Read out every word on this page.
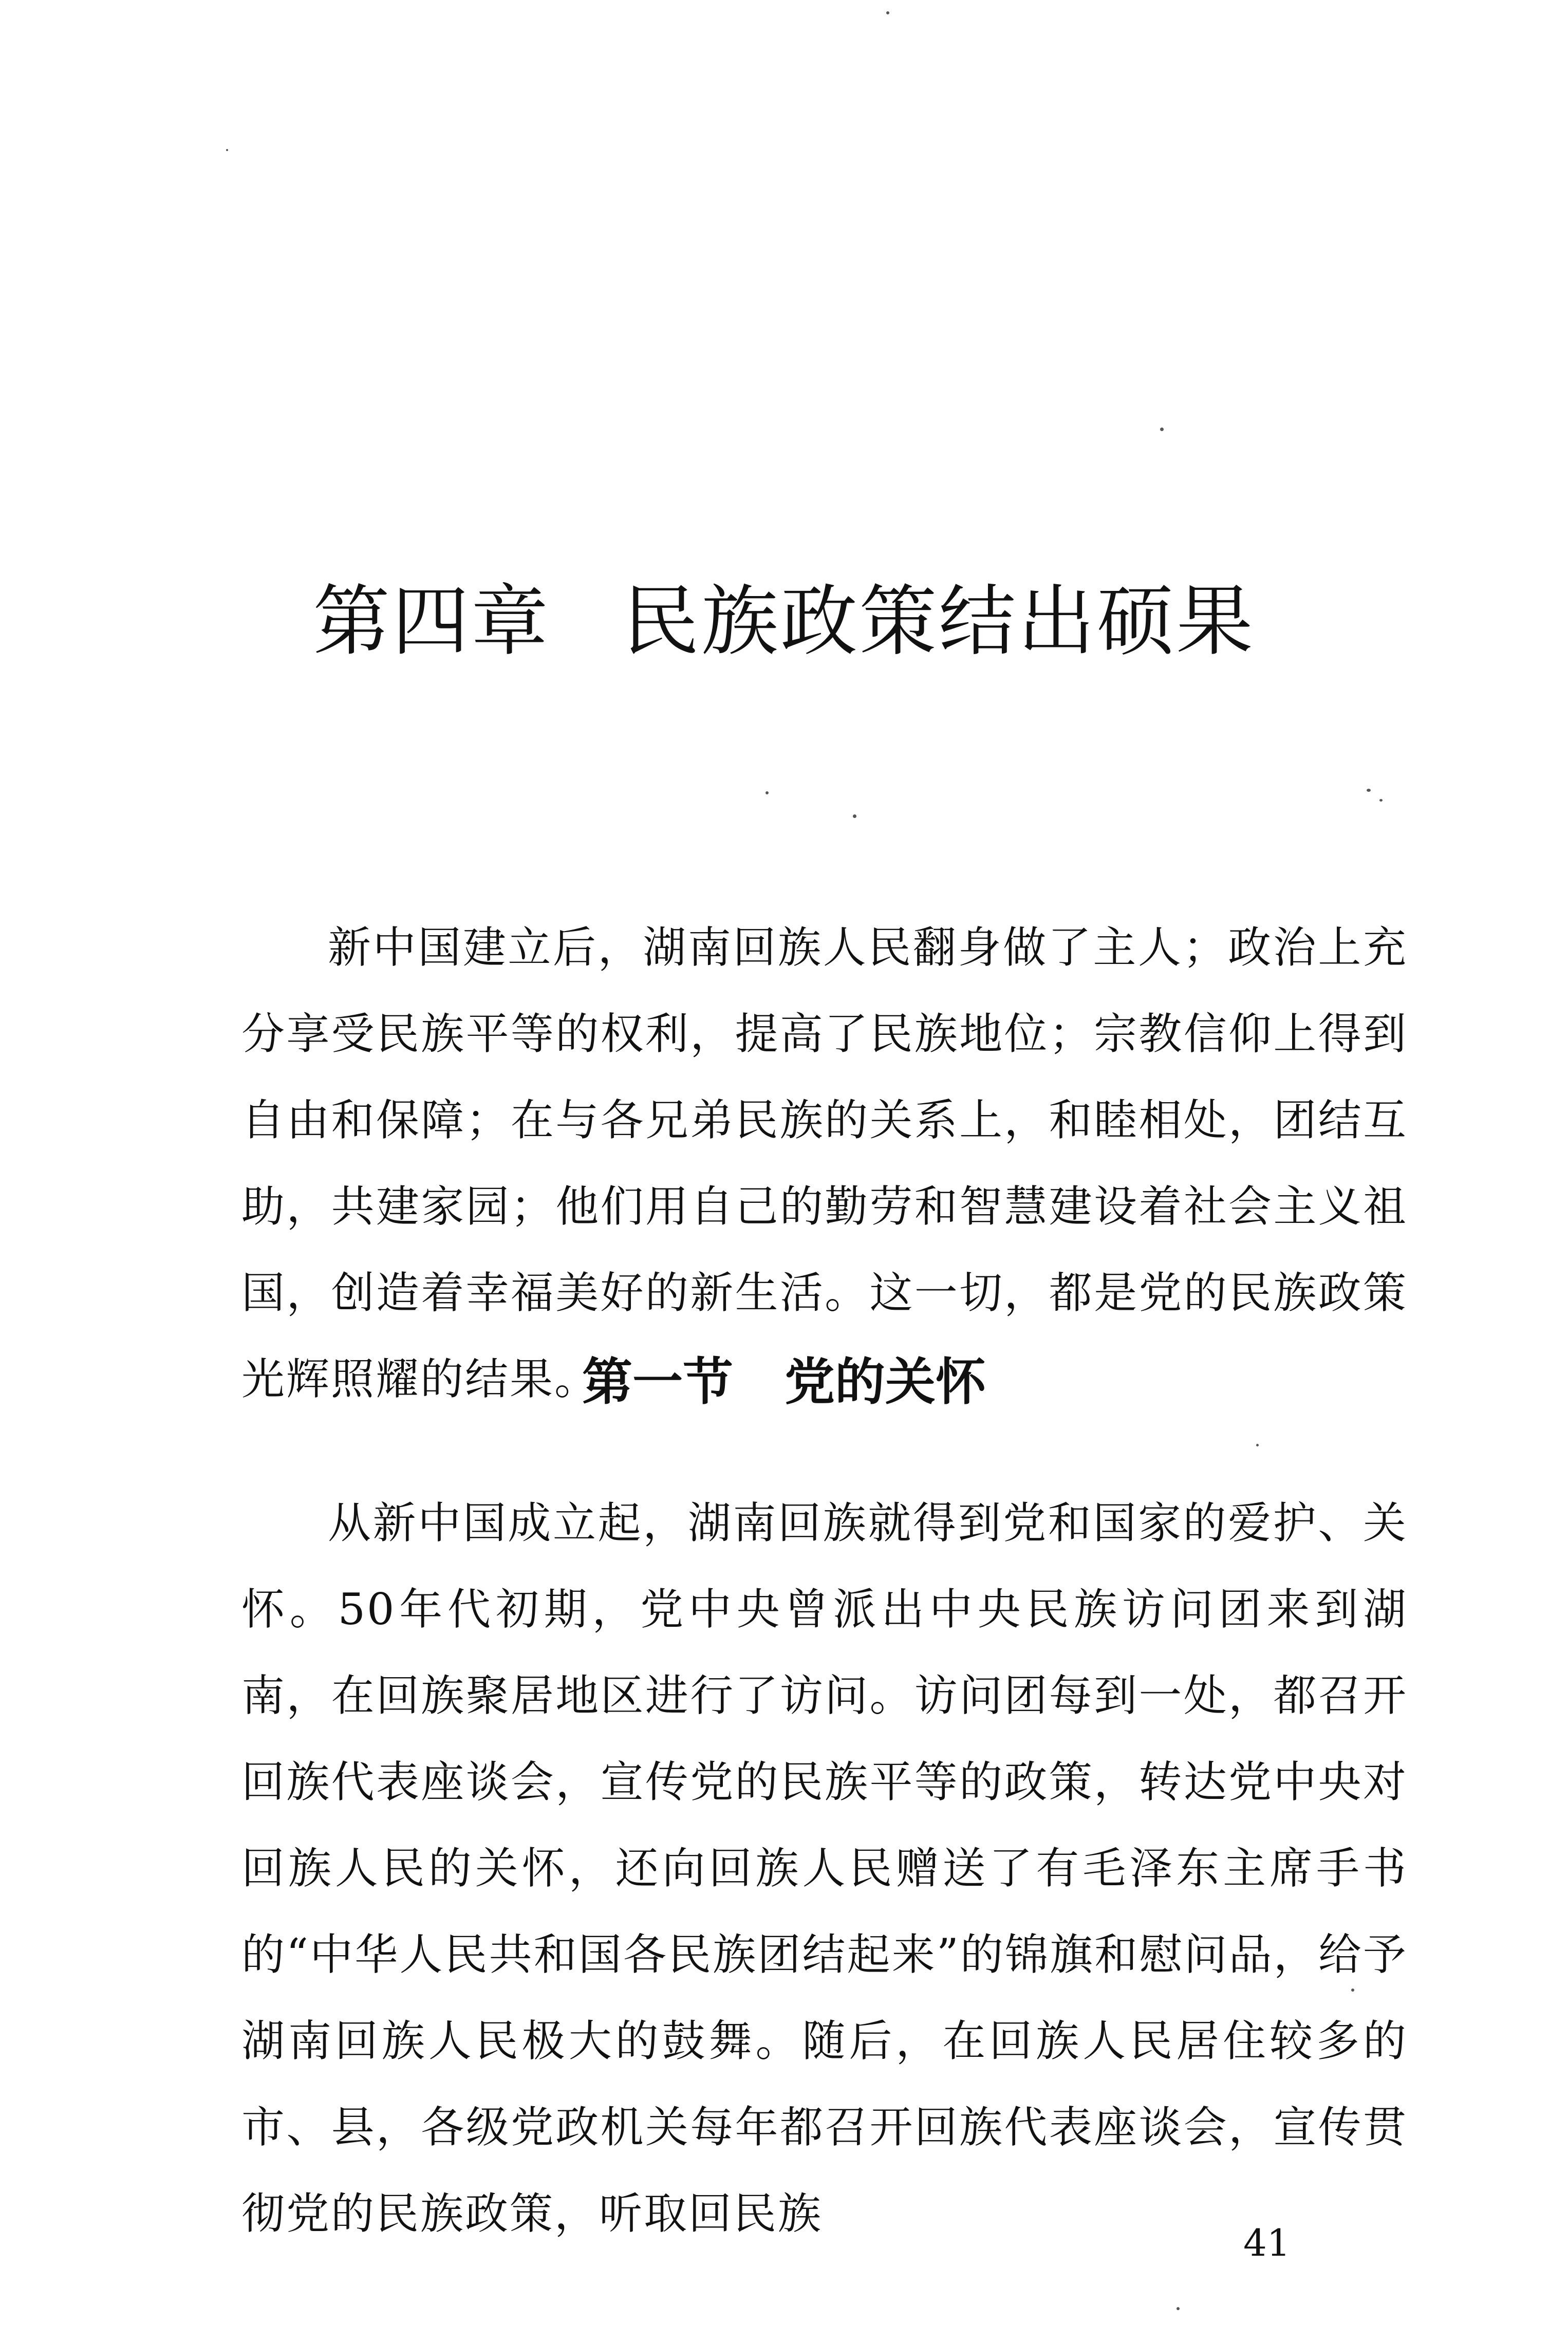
第四章 民族政策结出硕果

新中国建立后，湖南回族人民翻身做了主人；政治上充分享受民族平等的权利，提高了民族地位；宗教信仰上得到自由和保障；在与各兄弟民族的关系上，和睦相处，团结互助，共建家园；他们用自己的勤劳和智慧建设着社会主义祖国，创造着幸福美好的新生活。这一切，都是党的民族政策光辉照耀的结果。

第一节 党的关怀

从新中国成立起，湖南回族就得到党和国家的爱护、关怀。50年代初期，党中央曾派出中央民族访问团来到湖南，在回族聚居地区进行了访问。访问团每到一处，都召开回族代表座谈会，宣传党的民族平等的政策，转达党中央对回族人民的关怀，还向回族人民赠送了有毛泽东主席手书的“中华人民共和国各民族团结起来”的锦旗和慰问品，给予湖南回族人民极大的鼓舞。随后，在回族人民居住较多的市、县，各级党政机关每年都召开回族代表座谈会，宣传贯彻党的民族政策，听取回民族

41
